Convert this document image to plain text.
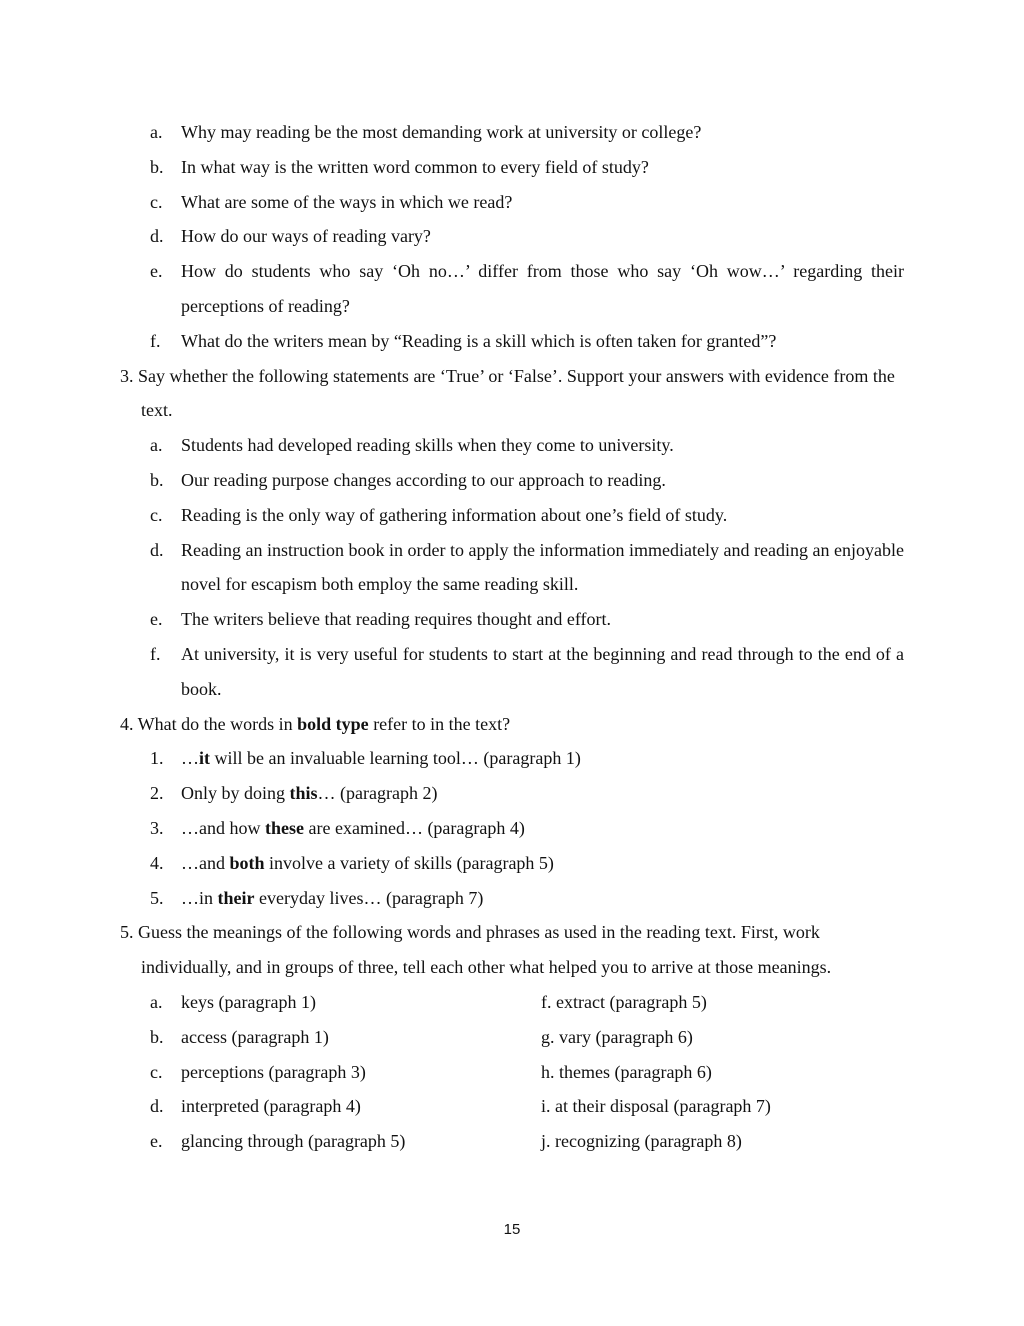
a. Why may reading be the most demanding work at university or college?
b. In what way is the written word common to every field of study?
c. What are some of the ways in which we read?
d. How do our ways of reading vary?
e. How do students who say ‘Oh no…’ differ from those who say ‘Oh wow…’ regarding their perceptions of reading?
f. What do the writers mean by “Reading is a skill which is often taken for granted”?
3. Say whether the following statements are ‘True’ or ‘False’. Support your answers with evidence from the text.
a. Students had developed reading skills when they come to university.
b. Our reading purpose changes according to our approach to reading.
c. Reading is the only way of gathering information about one’s field of study.
d. Reading an instruction book in order to apply the information immediately and reading an enjoyable novel for escapism both employ the same reading skill.
e. The writers believe that reading requires thought and effort.
f. At university, it is very useful for students to start at the beginning and read through to the end of a book.
4. What do the words in bold type refer to in the text?
1. …it will be an invaluable learning tool… (paragraph 1)
2. Only by doing this… (paragraph 2)
3. …and how these are examined… (paragraph 4)
4. …and both involve a variety of skills (paragraph 5)
5. …in their everyday lives… (paragraph 7)
5. Guess the meanings of the following words and phrases as used in the reading text. First, work individually, and in groups of three, tell each other what helped you to arrive at those meanings.
a. keys (paragraph 1)	f. extract (paragraph 5)
b. access (paragraph 1)	g. vary (paragraph 6)
c. perceptions (paragraph 3)	h. themes (paragraph 6)
d. interpreted (paragraph 4)	i. at their disposal (paragraph 7)
e. glancing through (paragraph 5)	j. recognizing (paragraph 8)
15
